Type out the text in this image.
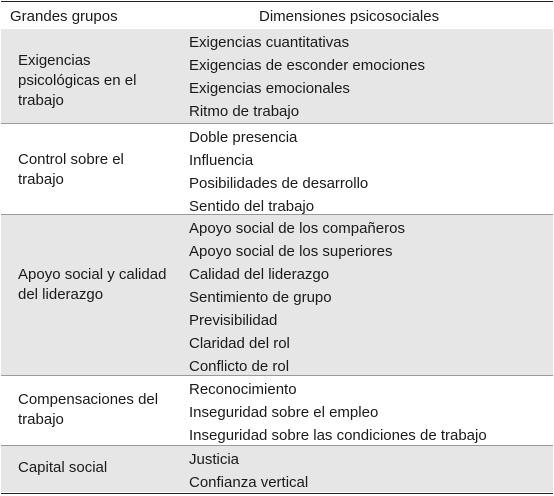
Grandes grupos	Dimensiones psicosociales
Exigencias psicológicas en el trabajo
Exigencias cuantitativas
Exigencias de esconder emociones
Exigencias emocionales
Ritmo de trabajo
Control sobre el trabajo
Doble presencia
Influencia
Posibilidades de desarrollo
Sentido del trabajo
Apoyo social y calidad del liderazgo
Apoyo social de los compañeros
Apoyo social de los superiores
Calidad del liderazgo
Sentimiento de grupo
Previsibilidad
Claridad del rol
Conflicto de rol
Compensaciones del trabajo
Reconocimiento
Inseguridad sobre el empleo
Inseguridad sobre las condiciones de trabajo
Capital social	Justicia
Confianza vertical
